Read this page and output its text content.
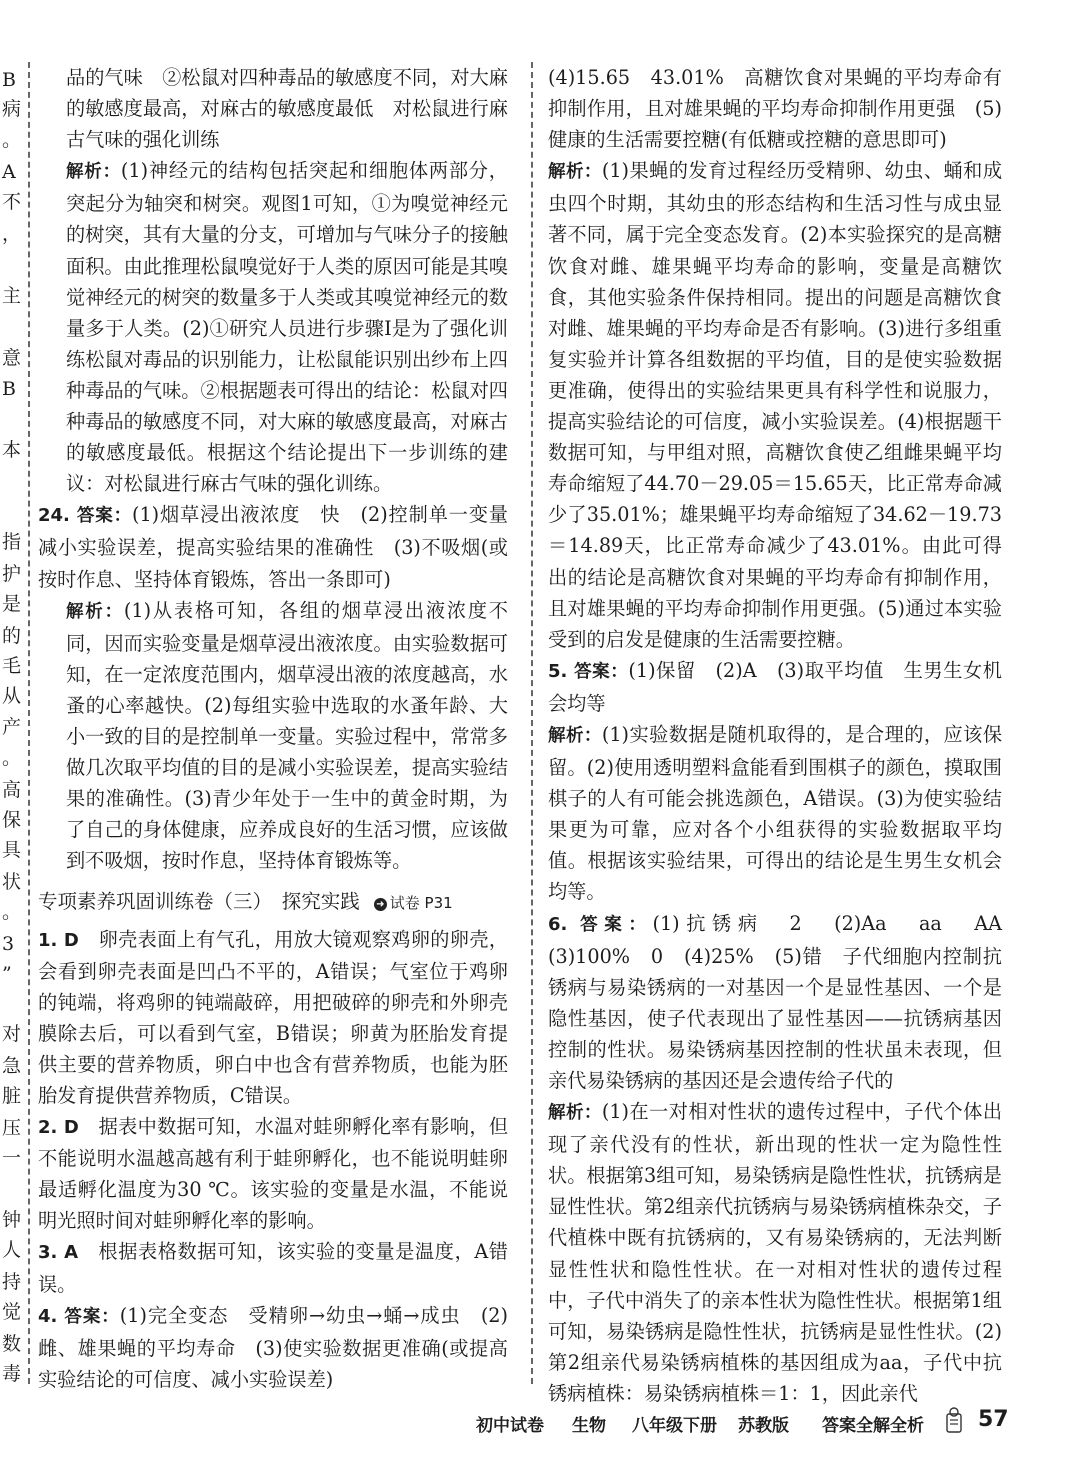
B
病
。
A
不
，
主
意
B
本
指
护
是
的
毛
从
产
。
高
保
具
状
。
3
”
对
急
脏
压
一
钟
人
持
觉
数
毒

品的气味　②松鼠对四种毒品的敏感度不同，对大麻的敏感度最高，对麻古的敏感度最低　对松鼠进行麻古气味的强化训练

解析：(1)神经元的结构包括突起和细胞体两部分，突起分为轴突和树突。观图1可知，①为嗅觉神经元的树突，其有大量的分支，可增加与气味分子的接触面积。由此推理松鼠嗅觉好于人类的原因可能是其嗅觉神经元的树突的数量多于人类或其嗅觉神经元的数量多于人类。(2)①研究人员进行步骤Ⅰ是为了强化训练松鼠对毒品的识别能力，让松鼠能识别出纱布上四种毒品的气味。②根据题表可得出的结论：松鼠对四种毒品的敏感度不同，对大麻的敏感度最高，对麻古的敏感度最低。根据这个结论提出下一步训练的建议：对松鼠进行麻古气味的强化训练。

24. 答案：(1)烟草浸出液浓度　快　(2)控制单一变量　减小实验误差，提高实验结果的准确性　(3)不吸烟(或按时作息、坚持体育锻炼，答出一条即可)

解析：(1)从表格可知，各组的烟草浸出液浓度不同，因而实验变量是烟草浸出液浓度。由实验数据可知，在一定浓度范围内，烟草浸出液的浓度越高，水蚤的心率越快。(2)每组实验中选取的水蚤年龄、大小一致的目的是控制单一变量。实验过程中，常常多做几次取平均值的目的是减小实验误差，提高实验结果的准确性。(3)青少年处于一生中的黄金时期，为了自己的身体健康，应养成良好的生活习惯，应该做到不吸烟，按时作息，坚持体育锻炼等。

专项素养巩固训练卷（三）　探究实践 ➜ 试卷 P31

1. D　 卵壳表面上有气孔，用放大镜观察鸡卵的卵壳，会看到卵壳表面是凹凸不平的，A错误；气室位于鸡卵的钝端，将鸡卵的钝端敲碎，用把破碎的卵壳和外卵壳膜除去后，可以看到气室，B错误；卵黄为胚胎发育提供主要的营养物质，卵白中也含有营养物质，也能为胚胎发育提供营养物质，C错误。

2. D　 据表中数据可知，水温对蛙卵孵化率有影响，但不能说明水温越高越有利于蛙卵孵化，也不能说明蛙卵最适孵化温度为30 ℃。该实验的变量是水温，不能说明光照时间对蛙卵孵化率的影响。

3. A　 根据表格数据可知，该实验的变量是温度，A错误。

4. 答案：(1)完全变态　受精卵→幼虫→蛹→成虫　(2)雌、雄果蝇的平均寿命　(3)使实验数据更准确(或提高实验结论的可信度、减小实验误差)

(4)15.65　43.01%　高糖饮食对果蝇的平均寿命有抑制作用，且对雄果蝇的平均寿命抑制作用更强　(5)健康的生活需要控糖(有低糖或控糖的意思即可)

解析：(1)果蝇的发育过程经历受精卵、幼虫、蛹和成虫四个时期，其幼虫的形态结构和生活习性与成虫显著不同，属于完全变态发育。(2)本实验探究的是高糖饮食对雌、雄果蝇平均寿命的影响，变量是高糖饮食，其他实验条件保持相同。提出的问题是高糖饮食对雌、雄果蝇的平均寿命是否有影响。(3)进行多组重复实验并计算各组数据的平均值，目的是使实验数据更准确，使得出的实验结果更具有科学性和说服力，提高实验结论的可信度，减小实验误差。(4)根据题干数据可知，与甲组对照，高糖饮食使乙组雌果蝇平均寿命缩短了44.70－29.05＝15.65天，比正常寿命减少了35.01%；雄果蝇平均寿命缩短了34.62－19.73＝14.89天，比正常寿命减少了43.01%。由此可得出的结论是高糖饮食对果蝇的平均寿命有抑制作用，且对雄果蝇的平均寿命抑制作用更强。(5)通过本实验受到的启发是健康的生活需要控糖。

5. 答案：(1)保留　(2)A　(3)取平均值　生男生女机会均等

解析：(1)实验数据是随机取得的，是合理的，应该保留。(2)使用透明塑料盒能看到围棋子的颜色，摸取围棋子的人有可能会挑选颜色，A错误。(3)为使实验结果更为可靠，应对各个小组获得的实验数据取平均值。根据该实验结果，可得出的结论是生男生女机会均等。

6. 答案：(1)抗锈病　2　(2)Aa　aa　AA　(3)100%　0　(4)25%　(5)错　子代细胞内控制抗锈病与易染锈病的一对基因一个是显性基因、一个是隐性基因，使子代表现出了显性基因——抗锈病基因控制的性状。易染锈病基因控制的性状虽未表现，但亲代易染锈病的基因还是会遗传给子代的

解析：(1)在一对相对性状的遗传过程中，子代个体出现了亲代没有的性状，新出现的性状一定为隐性性状。根据第3组可知，易染锈病是隐性性状，抗锈病是显性性状。第2组亲代抗锈病与易染锈病植株杂交，子代植株中既有抗锈病的，又有易染锈病的，无法判断显性性状和隐性性状。在一对相对性状的遗传过程中，子代中消失了的亲本性状为隐性性状。根据第1组可知，易染锈病是隐性性状，抗锈病是显性性状。(2)第2组亲代易染锈病植株的基因组成为aa，子代中抗锈病植株：易染锈病植株＝1：1，因此亲代

初中试卷 生物 八年级下册 苏教版 答案全解全析 57
